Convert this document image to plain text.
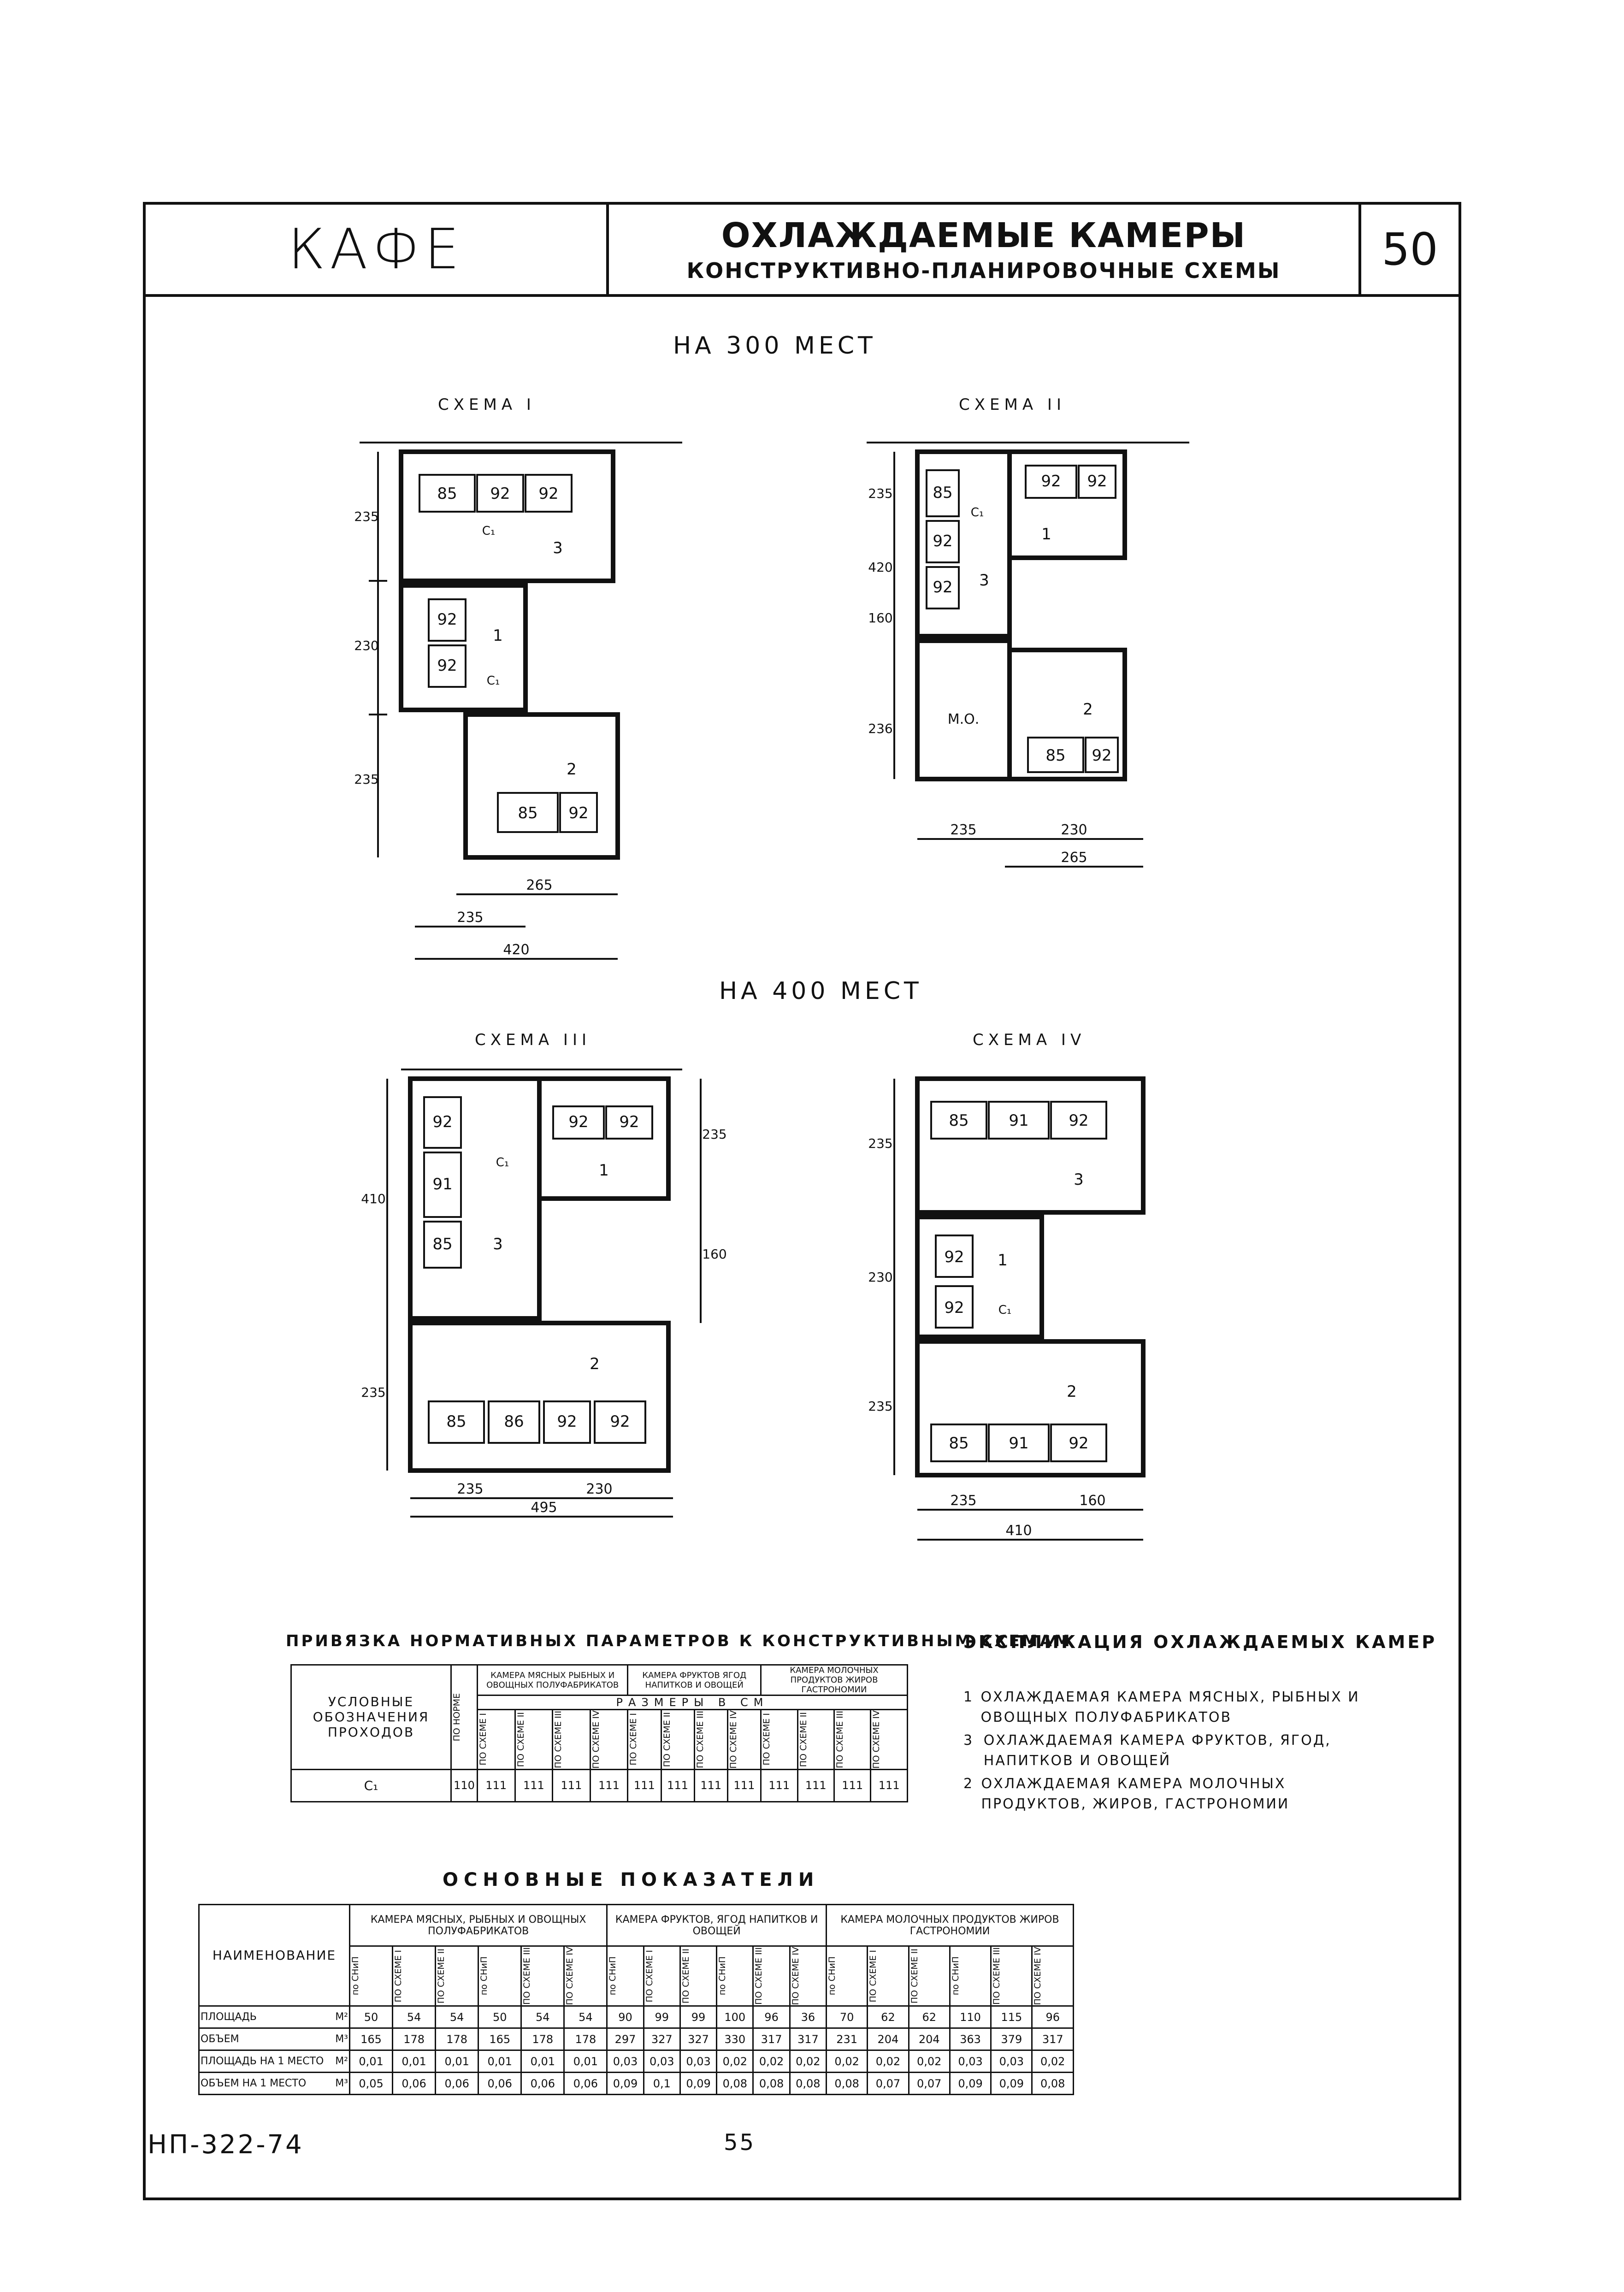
КАФЕ	ОХЛАЖДАЕМЫЕ КАМЕРЫ
КОНСТРУКТИВНО-ПЛАНИРОВОЧНЫЕ СХЕМЫ 50
НА 300 МЕСТ
СХЕМА I	СХЕМА II
85 92 92
92
92
85 92
3
1
2
С₁
С₁
235
230
235
265
235
420
85
92
92
92 92
85 92
3
1
2
М.О.
С₁
235
420
160
236
235	230
265
НА 400 МЕСТ
СХЕМА III	СХЕМА IV
92
91
85
92 92
85 86 92 92
3
1
2
С₁
410
235
235
160
235	230
495
85	91	92
92
92
85	91	92
3
1
2
С₁
235
230
235
235	160
410
ПРИВЯЗКА НОРМАТИВНЫХ ПАРАМЕТРОВ К КОНСТРУКТИВНЫМ СХЕМАМ
УСЛОВНЫЕ ОБОЗНАЧЕНИЯ ПРОХОДОВ	ПО НОРМЕ	КАМЕРА МЯСНЫХ РЫБНЫХ И ОВОЩНЫХ ПОЛУФАБРИКАТОВ				КАМЕРА ФРУКТОВ ЯГОД НАПИТКОВ И ОВОЩЕЙ				КАМЕРА МОЛОЧНЫХ ПРОДУКТОВ ЖИРОВ ГАСТРОНОМИИ			
		РАЗМЕРЫ В СМ											

		ПО СХЕМЕ I	ПО СХЕМЕ II	ПО СХЕМЕ III	ПО СХЕМЕ IV	ПО СХЕМЕ I	ПО СХЕМЕ II	ПО СХЕМЕ III	ПО СХЕМЕ IV	ПО СХЕМЕ I	ПО СХЕМЕ II	ПО СХЕМЕ III	ПО СХЕМЕ IV

С₁	110	111	111	111	111	111	111	111	111	111	111	111	111
ЭКСПЛИКАЦИЯ ОХЛАЖДАЕМЫХ КАМЕР
1 ОХЛАЖДАЕМАЯ КАМЕРА МЯСНЫХ, РЫБНЫХ И ОВОЩНЫХ ПОЛУФАБРИКАТОВ
3 ОХЛАЖДАЕМАЯ КАМЕРА ФРУКТОВ, ЯГОД, НАПИТКОВ И ОВОЩЕЙ
2 ОХЛАЖДАЕМАЯ КАМЕРА МОЛОЧНЫХ ПРОДУКТОВ, ЖИРОВ, ГАСТРОНОМИИ
ОСНОВНЫЕ ПОКАЗАТЕЛИ
НАИМЕНОВАНИЕ	КАМЕРА МЯСНЫХ, РЫБНЫХ И ОВОЩНЫХ ПОЛУФАБРИКАТОВ						КАМЕРА ФРУКТОВ, ЯГОД НАПИТКОВ И ОВОЩЕЙ						КАМЕРА МОЛОЧНЫХ ПРОДУКТОВ ЖИРОВ ГАСТРОНОМИИ					

	по СНиП	ПО СХЕМЕ I	ПО СХЕМЕ II	по СНиП	ПО СХЕМЕ III	ПО СХЕМЕ IV	по СНиП	ПО СХЕМЕ I	ПО СХЕМЕ II	по СНиП	ПО СХЕМЕ III	ПО СХЕМЕ IV	по СНиП	ПО СХЕМЕ I	ПО СХЕМЕ II	по СНиП	ПО СХЕМЕ III	ПО СХЕМЕ IV

ПЛОЩАДЬ М²	50	54	54	50	54	54	90	99	99	100	96	36	70	62	62	110	115	96
ОБЪЕМ М³	165	178	178	165	178	178	297	327	327	330	317	317	231	204	204	363	379	317
ПЛОЩАДЬ НА 1 МЕСТО М²	0,01	0,01	0,01	0,01	0,01	0,01	0,03	0,03	0,03	0,02	0,02	0,02	0,02	0,02	0,02	0,03	0,03	0,02
ОБЪЕМ НА 1 МЕСТО М³	0,05	0,06	0,06	0,06	0,06	0,06	0,09	0,1	0,09	0,08	0,08	0,08	0,08	0,07	0,07	0,09	0,09	0,08
НП-322-74	55
